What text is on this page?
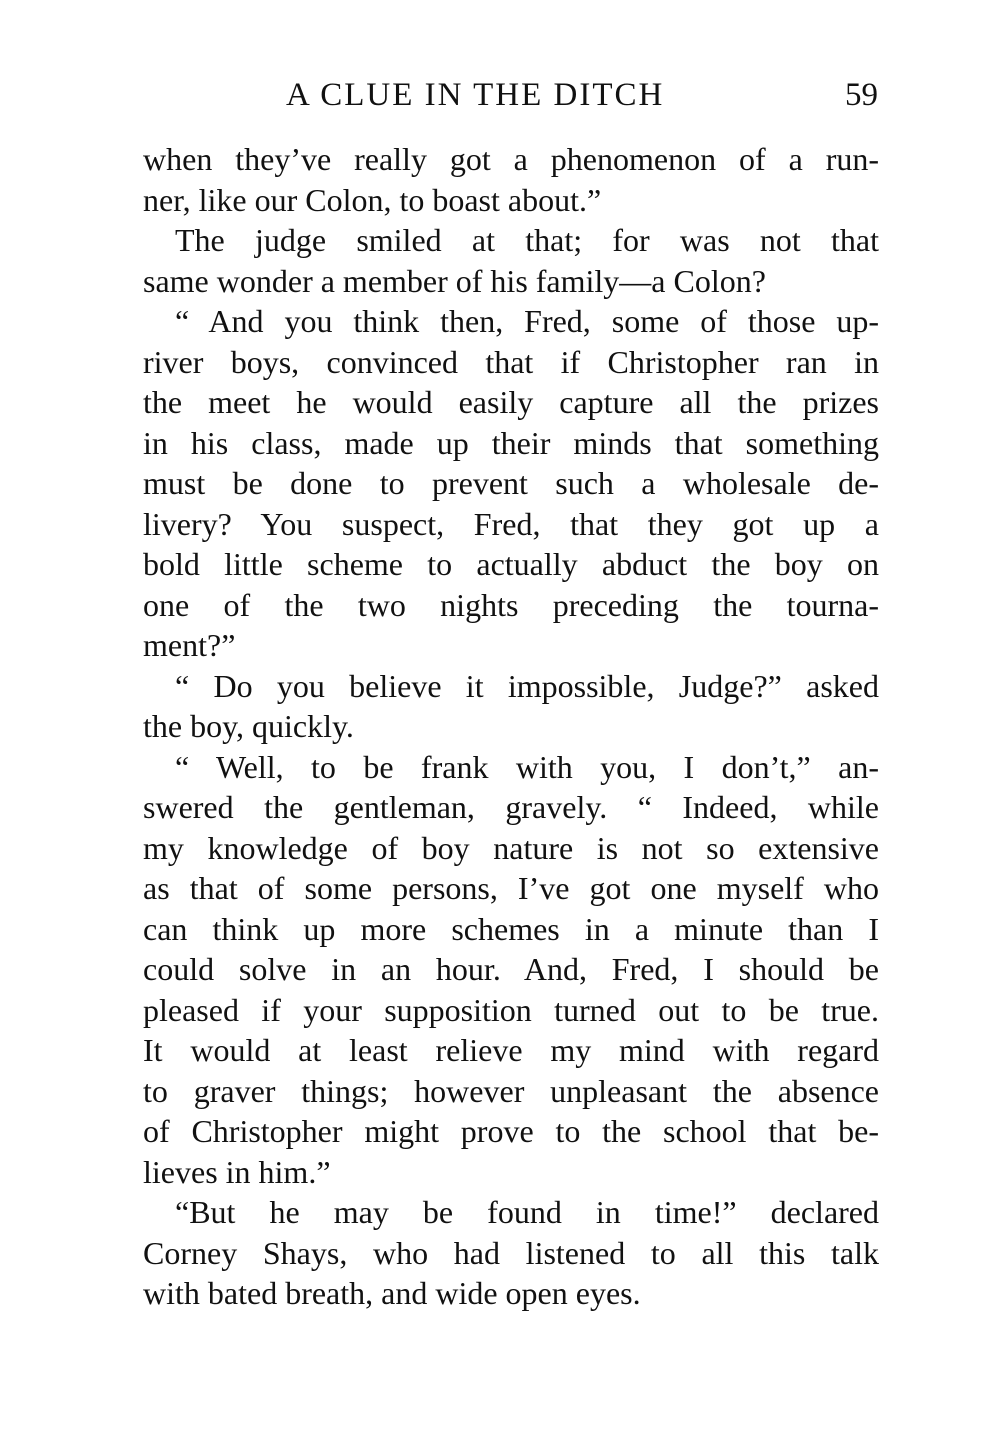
A CLUE IN THE DITCH	59
when they’ve really got a phenomenon of a run-
ner, like our Colon, to boast about.”
The judge smiled at that; for was not that
same wonder a member of his family—a Colon?
“ And you think then, Fred, some of those up-
river boys, convinced that if Christopher ran in
the meet he would easily capture all the prizes
in his class, made up their minds that something
must be done to prevent such a wholesale de-
livery? You suspect, Fred, that they got up a
bold little scheme to actually abduct the boy on
one of the two nights preceding the tourna-
ment?”
“ Do you believe it impossible, Judge?” asked
the boy, quickly.
“ Well, to be frank with you, I don’t,” an-
swered the gentleman, gravely. “ Indeed, while
my knowledge of boy nature is not so extensive
as that of some persons, I’ve got one myself who
can think up more schemes in a minute than I
could solve in an hour. And, Fred, I should be
pleased if your supposition turned out to be true.
It would at least relieve my mind with regard
to graver things; however unpleasant the absence
of Christopher might prove to the school that be-
lieves in him.”
“But he may be found in time!” declared
Corney Shays, who had listened to all this talk
with bated breath, and wide open eyes.
